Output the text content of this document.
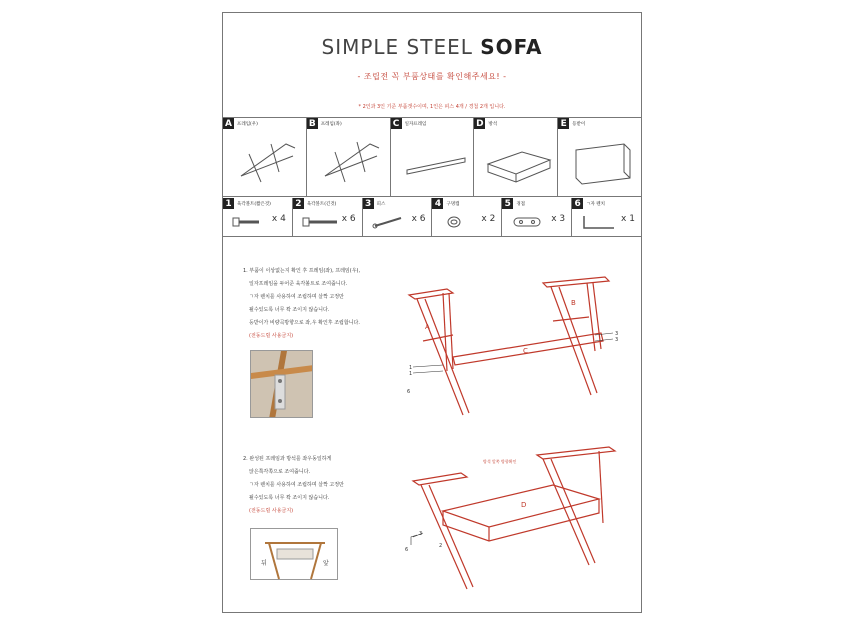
SIMPLE STEEL SOFA
- 조립전 꼭 부품상태를 확인해주세요! -
* 2인과 3인 기준 부품갯수이며, 1인은 피스 4개 / 경첩 2개 입니다.
A	프레임(우)	B	프레임(좌)	C	일자프레임	D	방석	E	등받이
1	육각볼트(짧은것)
x 4
2	육각볼트(긴것)
x 6
3	피스
x 6
4	구멍캡
x 2
5	경첩
x 3
6	ㄱ자 렌치
x 1
1. 부품이 이상없는지 확인 후 프레임(좌), 프레임(우),
일자프레임을 두어준 육각볼트로 조여줍니다.
ㄱ자 렌치를 사용하여 조립하며 살짝 고정만
될수있도록 너무 꽉 조이지 않습니다.
등받이가 비량곡방향으로 좌,우 확인후 조립합니다.
(전동드릴 사용금지)
A
B
C
1
1
6
3
3
2. 완성된 프레임과 방석를 좌우동일하게
앉은쪽각쪽으로 조여줍니다.
ㄱ자 렌치를 사용하여 조립하며 살짝 고정만
될수있도록 너무 꽉 조이지 않습니다.
(전동드릴 사용금지)
뒤	앞
방석 앞쪽 방향확인
D
3
6
2
